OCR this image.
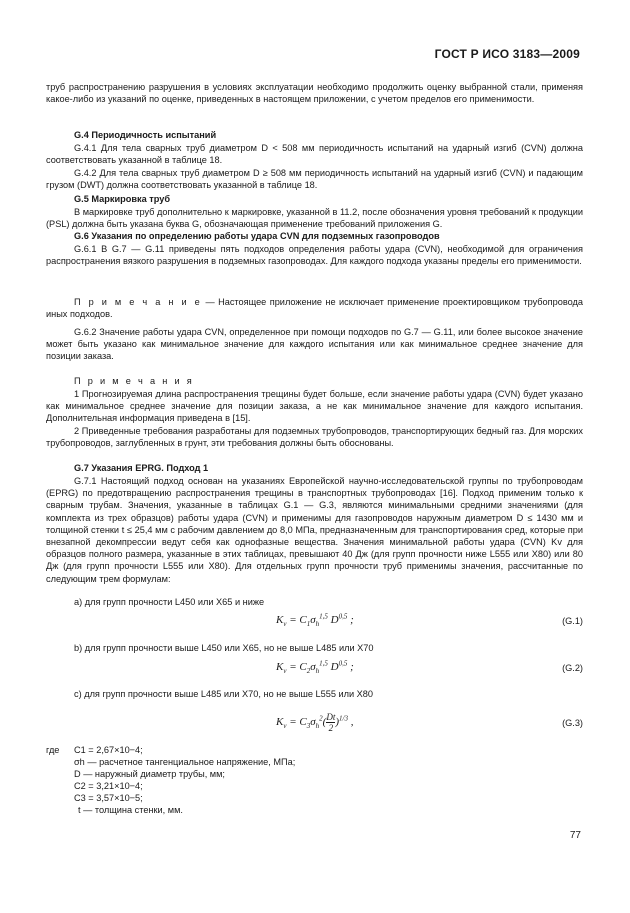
ГОСТ Р ИСО 3183—2009
труб распространению разрушения в условиях эксплуатации необходимо продолжить оценку выбранной стали, применяя какое-либо из указаний по оценке, приведенных в настоящем приложении, с учетом пределов его применимости.
G.4 Периодичность испытаний
G.4.1 Для тела сварных труб диаметром D < 508 мм периодичность испытаний на ударный изгиб (CVN) должна соответствовать указанной в таблице 18.
G.4.2 Для тела сварных труб диаметром D ≥ 508 мм периодичность испытаний на ударный изгиб (CVN) и падающим грузом (DWT) должна соответствовать указанной в таблице 18.
G.5 Маркировка труб
В маркировке труб дополнительно к маркировке, указанной в 11.2, после обозначения уровня требований к продукции (PSL) должна быть указана буква G, обозначающая применение требований приложения G.
G.6 Указания по определению работы удара CVN для подземных газопроводов
G.6.1 В G.7 — G.11 приведены пять подходов определения работы удара (CVN), необходимой для ограничения распространения вязкого разрушения в подземных газопроводах. Для каждого подхода указаны пределы его применимости.
П р и м е ч а н и е — Настоящее приложение не исключает применение проектировщиком трубопровода иных подходов.
G.6.2 Значение работы удара CVN, определенное при помощи подходов по G.7 — G.11, или более высокое значение может быть указано как минимальное значение для каждого испытания или как минимальное среднее значение для позиции заказа.
П р и м е ч а н и я
1 Прогнозируемая длина распространения трещины будет больше, если значение работы удара (CVN) будет указано как минимальное среднее значение для позиции заказа, а не как минимальное значение для каждого испытания. Дополнительная информация приведена в [15].
2 Приведенные требования разработаны для подземных трубопроводов, транспортирующих бедный газ. Для морских трубопроводов, заглубленных в грунт, эти требования должны быть обоснованы.
G.7 Указания EPRG. Подход 1
G.7.1 Настоящий подход основан на указаниях Европейской научно-исследовательской группы по трубопроводам (EPRG) по предотвращению распространения трещины в транспортных трубопроводах [16]. Подход применим только к сварным трубам. Значения, указанные в таблицах G.1 — G.3, являются минимальными средними значениями (для комплекта из трех образцов) работы удара (CVN) и применимы для газопроводов наружным диаметром D ≤ 1430 мм и толщиной стенки t ≤ 25,4 мм с рабочим давлением до 8,0 МПа, предназначенным для транспортирования сред, которые при внезапной декомпрессии ведут себя как однофазные вещества. Значения минимальной работы удара (CVN) Kv для образцов полного размера, указанные в этих таблицах, превышают 40 Дж (для групп прочности ниже L555 или X80) или 80 Дж (для групп прочности L555 или X80). Для отдельных групп прочности труб применимы значения, рассчитанные по следующим трем формулам:
a) для групп прочности L450 или X65 и ниже
$K_v = C_1\sigma_h^{1,5}$ D$^{0,5}$ ;	(G.1)
b) для групп прочности выше L450 или X65, но не выше L485 или X70
$K_v = C_2\sigma_h^{1,5}$ D$^{0,5}$ ;	(G.2)
c) для групп прочности выше L485 или X70, но не выше L555 или X80
$K_v = C_3\sigma_h^2( \frac{Dt}{2} )^{1/3}$ ,	(G.3)
где C1 = 2,67×10−4;
σh — расчетное тангенциальное напряжение, МПа;
D — наружный диаметр трубы, мм;
C2 = 3,21×10−4;
C3 = 3,57×10−5;
t — толщина стенки, мм.
77
